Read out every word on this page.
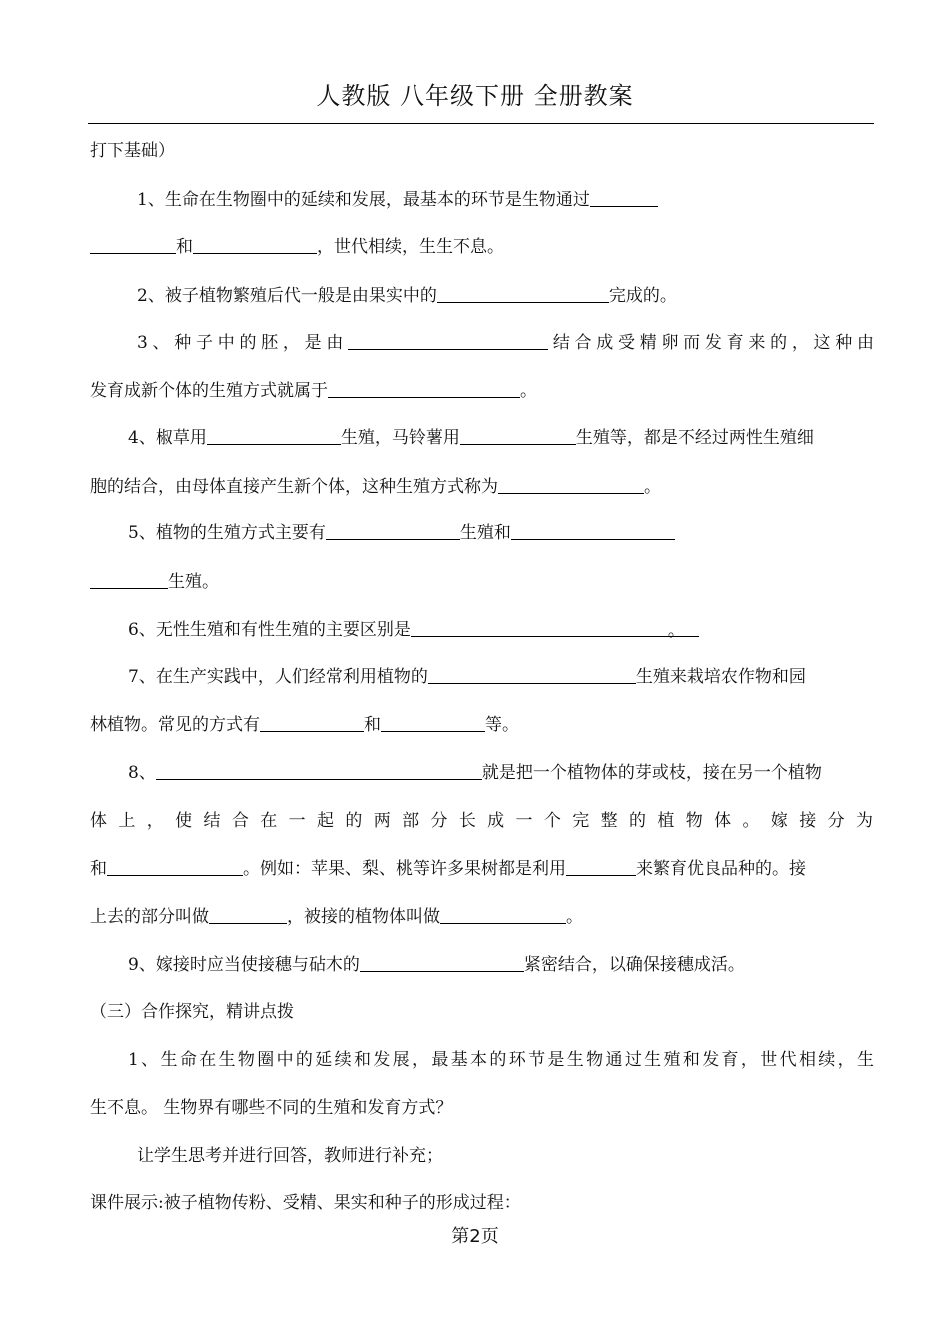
人教版 八年级下册 全册教案
打下基础）
1、生命在生物圈中的延续和发展，最基本的环节是生物通过
和	，世代相续，生生不息。
2、被子植物繁殖后代一般是由果实中的	完成的。
3、种子中的胚，是由	结合成受精卵而发育来的，这种由
发育成新个体的生殖方式就属于	。
4、椒草用	生殖，马铃薯用	生殖等，都是不经过两性生殖细
胞的结合，由母体直接产生新个体，这种生殖方式称为	。
5、植物的生殖方式主要有	生殖和
生殖。
6、无性生殖和有性生殖的主要区别是	。
7、在生产实践中，人们经常利用植物的	生殖来栽培农作物和园
林植物。常见的方式有	和	等。
8、	就是把一个植物体的芽或枝，接在另一个植物
体上，使结合在一起的两部分长成一个完整的植物体。嫁接分为
和	。例如：苹果、梨、桃等许多果树都是利用	来繁育优良品种的。接
上去的部分叫做	，被接的植物体叫做	。
9、嫁接时应当使接穗与砧木的	紧密结合，以确保接穗成活。
（三）合作探究，精讲点拨
1、生命在生物圈中的延续和发展，最基本的环节是生物通过生殖和发育，世代相续，生
生不息。 生物界有哪些不同的生殖和发育方式？
让学生思考并进行回答，教师进行补充；
课件展示:被子植物传粉、受精、果实和种子的形成过程：
第2页
